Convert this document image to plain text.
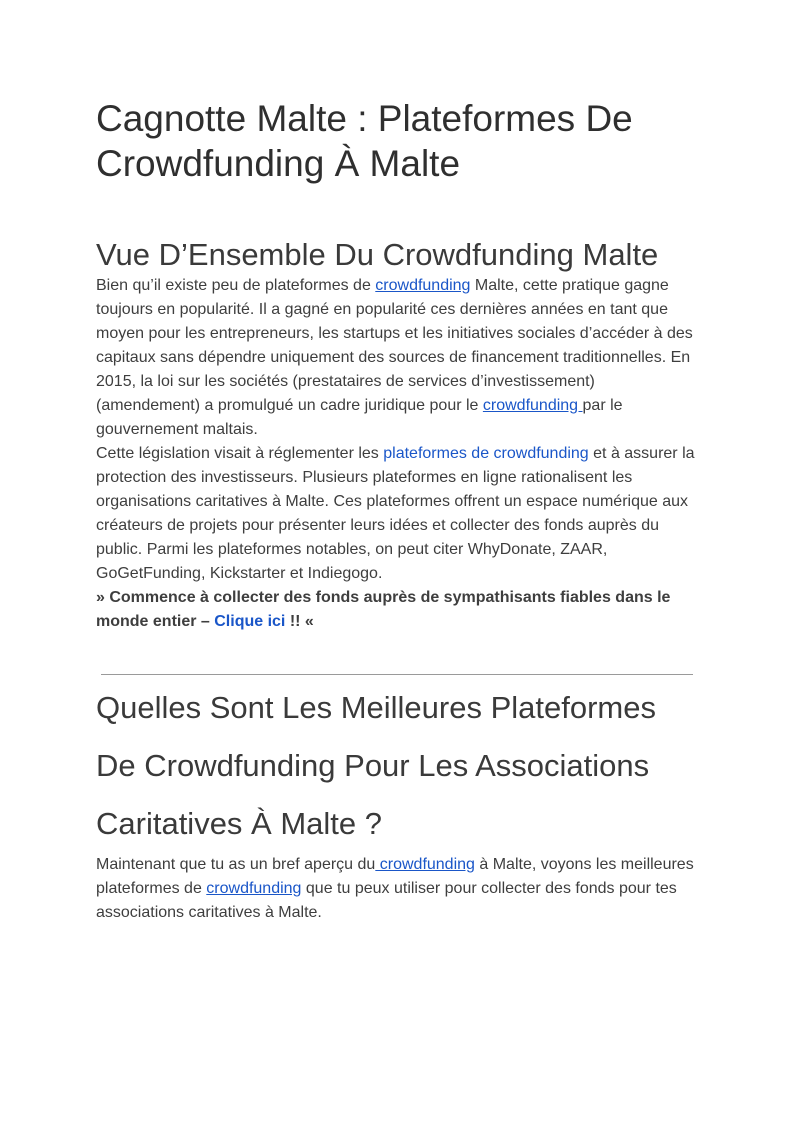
Cagnotte Malte : Plateformes De
Crowdfunding À Malte
Vue D’Ensemble Du Crowdfunding Malte

Bien qu’il existe peu de plateformes de crowdfunding Malte, cette pratique gagne toujours en popularité. Il a gagné en popularité ces dernières années en tant que moyen pour les entrepreneurs, les startups et les initiatives sociales d’accéder à des capitaux sans dépendre uniquement des sources de financement traditionnelles. En 2015, la loi sur les sociétés (prestataires de services d’investissement) (amendement) a promulgué un cadre juridique pour le crowdfunding par le gouvernement maltais.

Cette législation visait à réglementer les plateformes de crowdfunding et à assurer la protection des investisseurs. Plusieurs plateformes en ligne rationalisent les organisations caritatives à Malte. Ces plateformes offrent un espace numérique aux créateurs de projets pour présenter leurs idées et collecter des fonds auprès du public. Parmi les plateformes notables, on peut citer WhyDonate, ZAAR, GoGetFunding, Kickstarter et Indiegogo.

» Commence à collecter des fonds auprès de sympathisants fiables dans le monde entier – Clique ici !! «

Quelles Sont Les Meilleures Plateformes
De Crowdfunding Pour Les Associations
Caritatives À Malte ?

Maintenant que tu as un bref aperçu du crowdfunding à Malte, voyons les meilleures plateformes de crowdfunding que tu peux utiliser pour collecter des fonds pour tes associations caritatives à Malte.
